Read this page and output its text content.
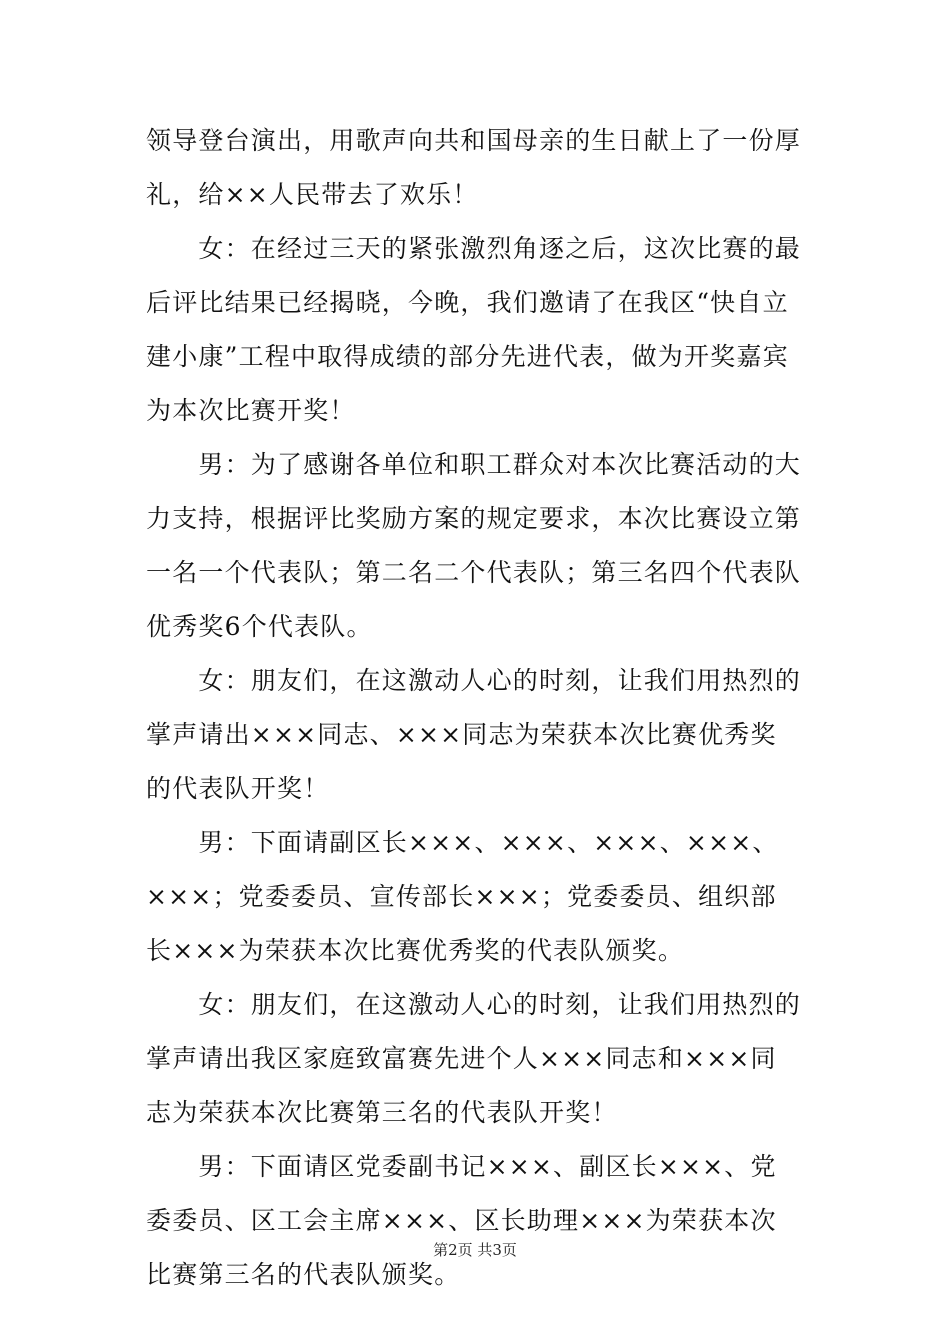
领导登台演出，用歌声向共和国母亲的生日献上了一份厚
礼，给××人民带去了欢乐！
　　女：在经过三天的紧张激烈角逐之后，这次比赛的最
后评比结果已经揭晓，今晚，我们邀请了在我区“快自立
建小康”工程中取得成绩的部分先进代表，做为开奖嘉宾
为本次比赛开奖！
　　男：为了感谢各单位和职工群众对本次比赛活动的大
力支持，根据评比奖励方案的规定要求，本次比赛设立第
一名一个代表队；第二名二个代表队；第三名四个代表队
优秀奖6个代表队。
　　女：朋友们，在这激动人心的时刻，让我们用热烈的
掌声请出×××同志、×××同志为荣获本次比赛优秀奖
的代表队开奖！
　　男：下面请副区长×××、×××、×××、×××、
×××；党委委员、宣传部长×××；党委委员、组织部
长×××为荣获本次比赛优秀奖的代表队颁奖。
　　女：朋友们，在这激动人心的时刻，让我们用热烈的
掌声请出我区家庭致富赛先进个人×××同志和×××同
志为荣获本次比赛第三名的代表队开奖！
　　男：下面请区党委副书记×××、副区长×××、党
委委员、区工会主席×××、区长助理×××为荣获本次
比赛第三名的代表队颁奖。
第2页 共3页
